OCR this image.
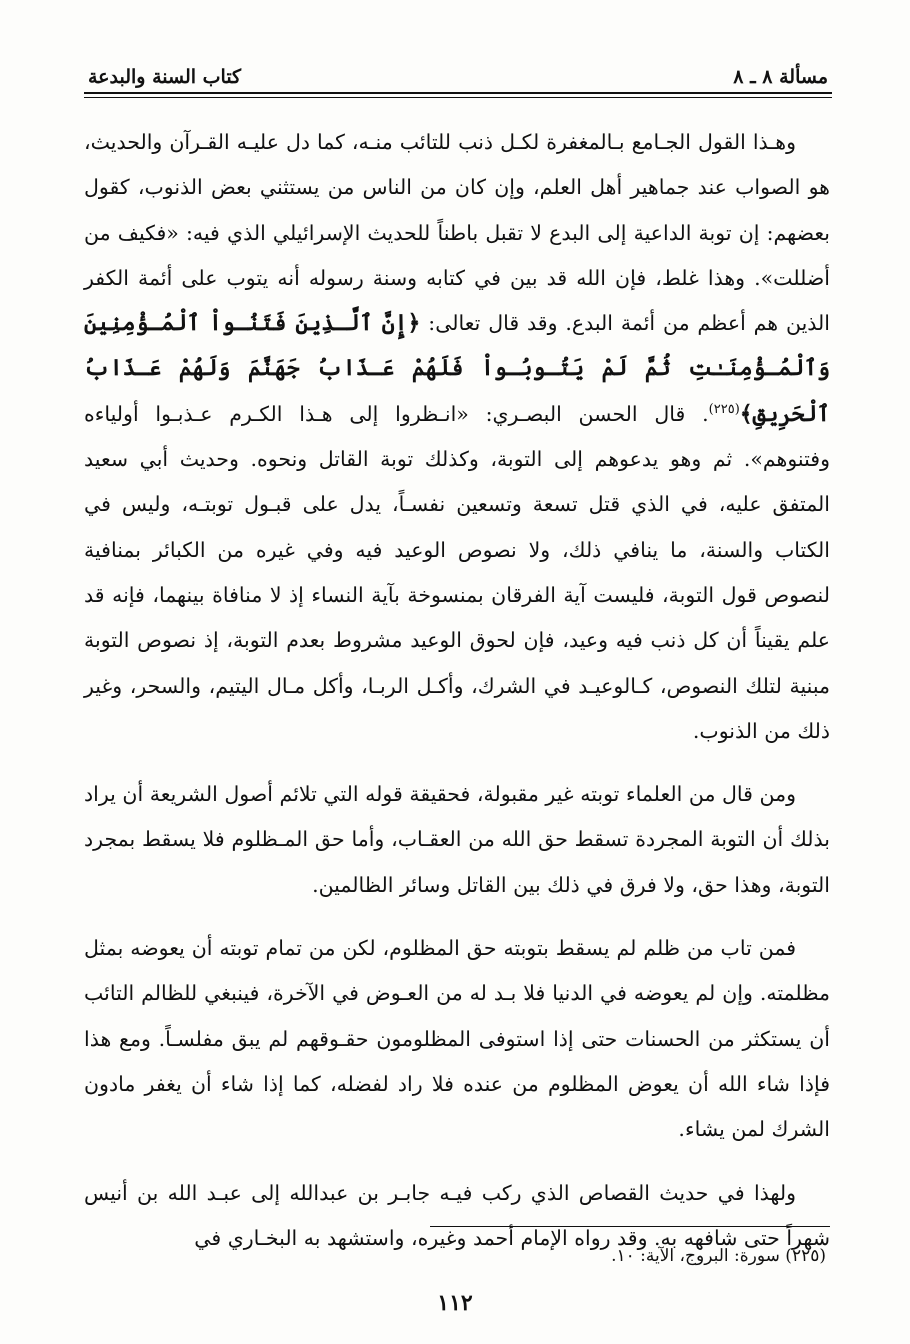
مسألة ٨ ـ ٨
كتاب السنة والبدعة

وهـذا القول الجـامع بـالمغفرة لكـل ذنب للتائب منـه، كما دل عليـه القـرآن والحديث، هو الصواب عند جماهير أهل العلم، وإن كان من الناس من يستثني بعض الذنوب، كقول بعضهم: إن توبة الداعية إلى البدع لا تقبل باطناً للحديث الإسرائيلي الذي فيه: «فكيف من أضللت». وهذا غلط، فإن الله قد بين في كتابه وسنة رسوله أنه يتوب على أئمة الكفر الذين هم أعظم من أئمة البدع. وقد قال تعالى: ﴿إِنَّ ٱلَّـذِينَ فَتَنُـواْ ٱلْمُـؤْمِنِينَ وَٱلْمُـؤْمِنَـٰتِ ثُمَّ لَمْ يَتُـوبُـواْ فَلَهُمْ عَـذَابُ جَهَنَّمَ وَلَهُمْ عَـذَابُ ٱلْحَرِيقِ﴾$^{(٢٢٥)}$. قال الحسن البصـري: «انـظروا إلى هـذا الكـرم عـذبـوا أولياءه وفتنوهم». ثم وهو يدعوهم إلى التوبة، وكذلك توبة القاتل ونحوه. وحديث أبي سعيد المتفق عليه، في الذي قتل تسعة وتسعين نفسـاً، يدل على قبـول توبتـه، وليس في الكتاب والسنة، ما ينافي ذلك، ولا نصوص الوعيد فيه وفي غيره من الكبائر بمنافية لنصوص قول التوبة، فليست آية الفرقان بمنسوخة بآية النساء إذ لا منافاة بينهما، فإنه قد علم يقيناً أن كل ذنب فيه وعيد، فإن لحوق الوعيد مشروط بعدم التوبة، إذ نصوص التوبة مبنية لتلك النصوص، كـالوعيـد في الشرك، وأكـل الربـا، وأكل مـال اليتيم، والسحر، وغير ذلك من الذنوب.

ومن قال من العلماء توبته غير مقبولة، فحقيقة قوله التي تلائم أصول الشريعة أن يراد بذلك أن التوبة المجردة تسقط حق الله من العقـاب، وأما حق المـظلوم فلا يسقط بمجرد التوبة، وهذا حق، ولا فرق في ذلك بين القاتل وسائر الظالمين.

فمن تاب من ظلم لم يسقط بتوبته حق المظلوم، لكن من تمام توبته أن يعوضه بمثل مظلمته. وإن لم يعوضه في الدنيا فلا بـد له من العـوض في الآخرة، فينبغي للظالم التائب أن يستكثر من الحسنات حتى إذا استوفى المظلومون حقـوقهم لم يبق مفلسـاً. ومع هذا فإذا شاء الله أن يعوض المظلوم من عنده فلا راد لفضله، كما إذا شاء أن يغفر مادون الشرك لمن يشاء.

ولهذا في حديث القصاص الذي ركب فيـه جابـر بن عبدالله إلى عبـد الله بن أنيس شهراً حتى شافهه به. وقد رواه الإمام أحمد وغيره، واستشهد به البخـاري في

(٢٢٥) سورة: البروج، الآية: ١٠.
١١٢
